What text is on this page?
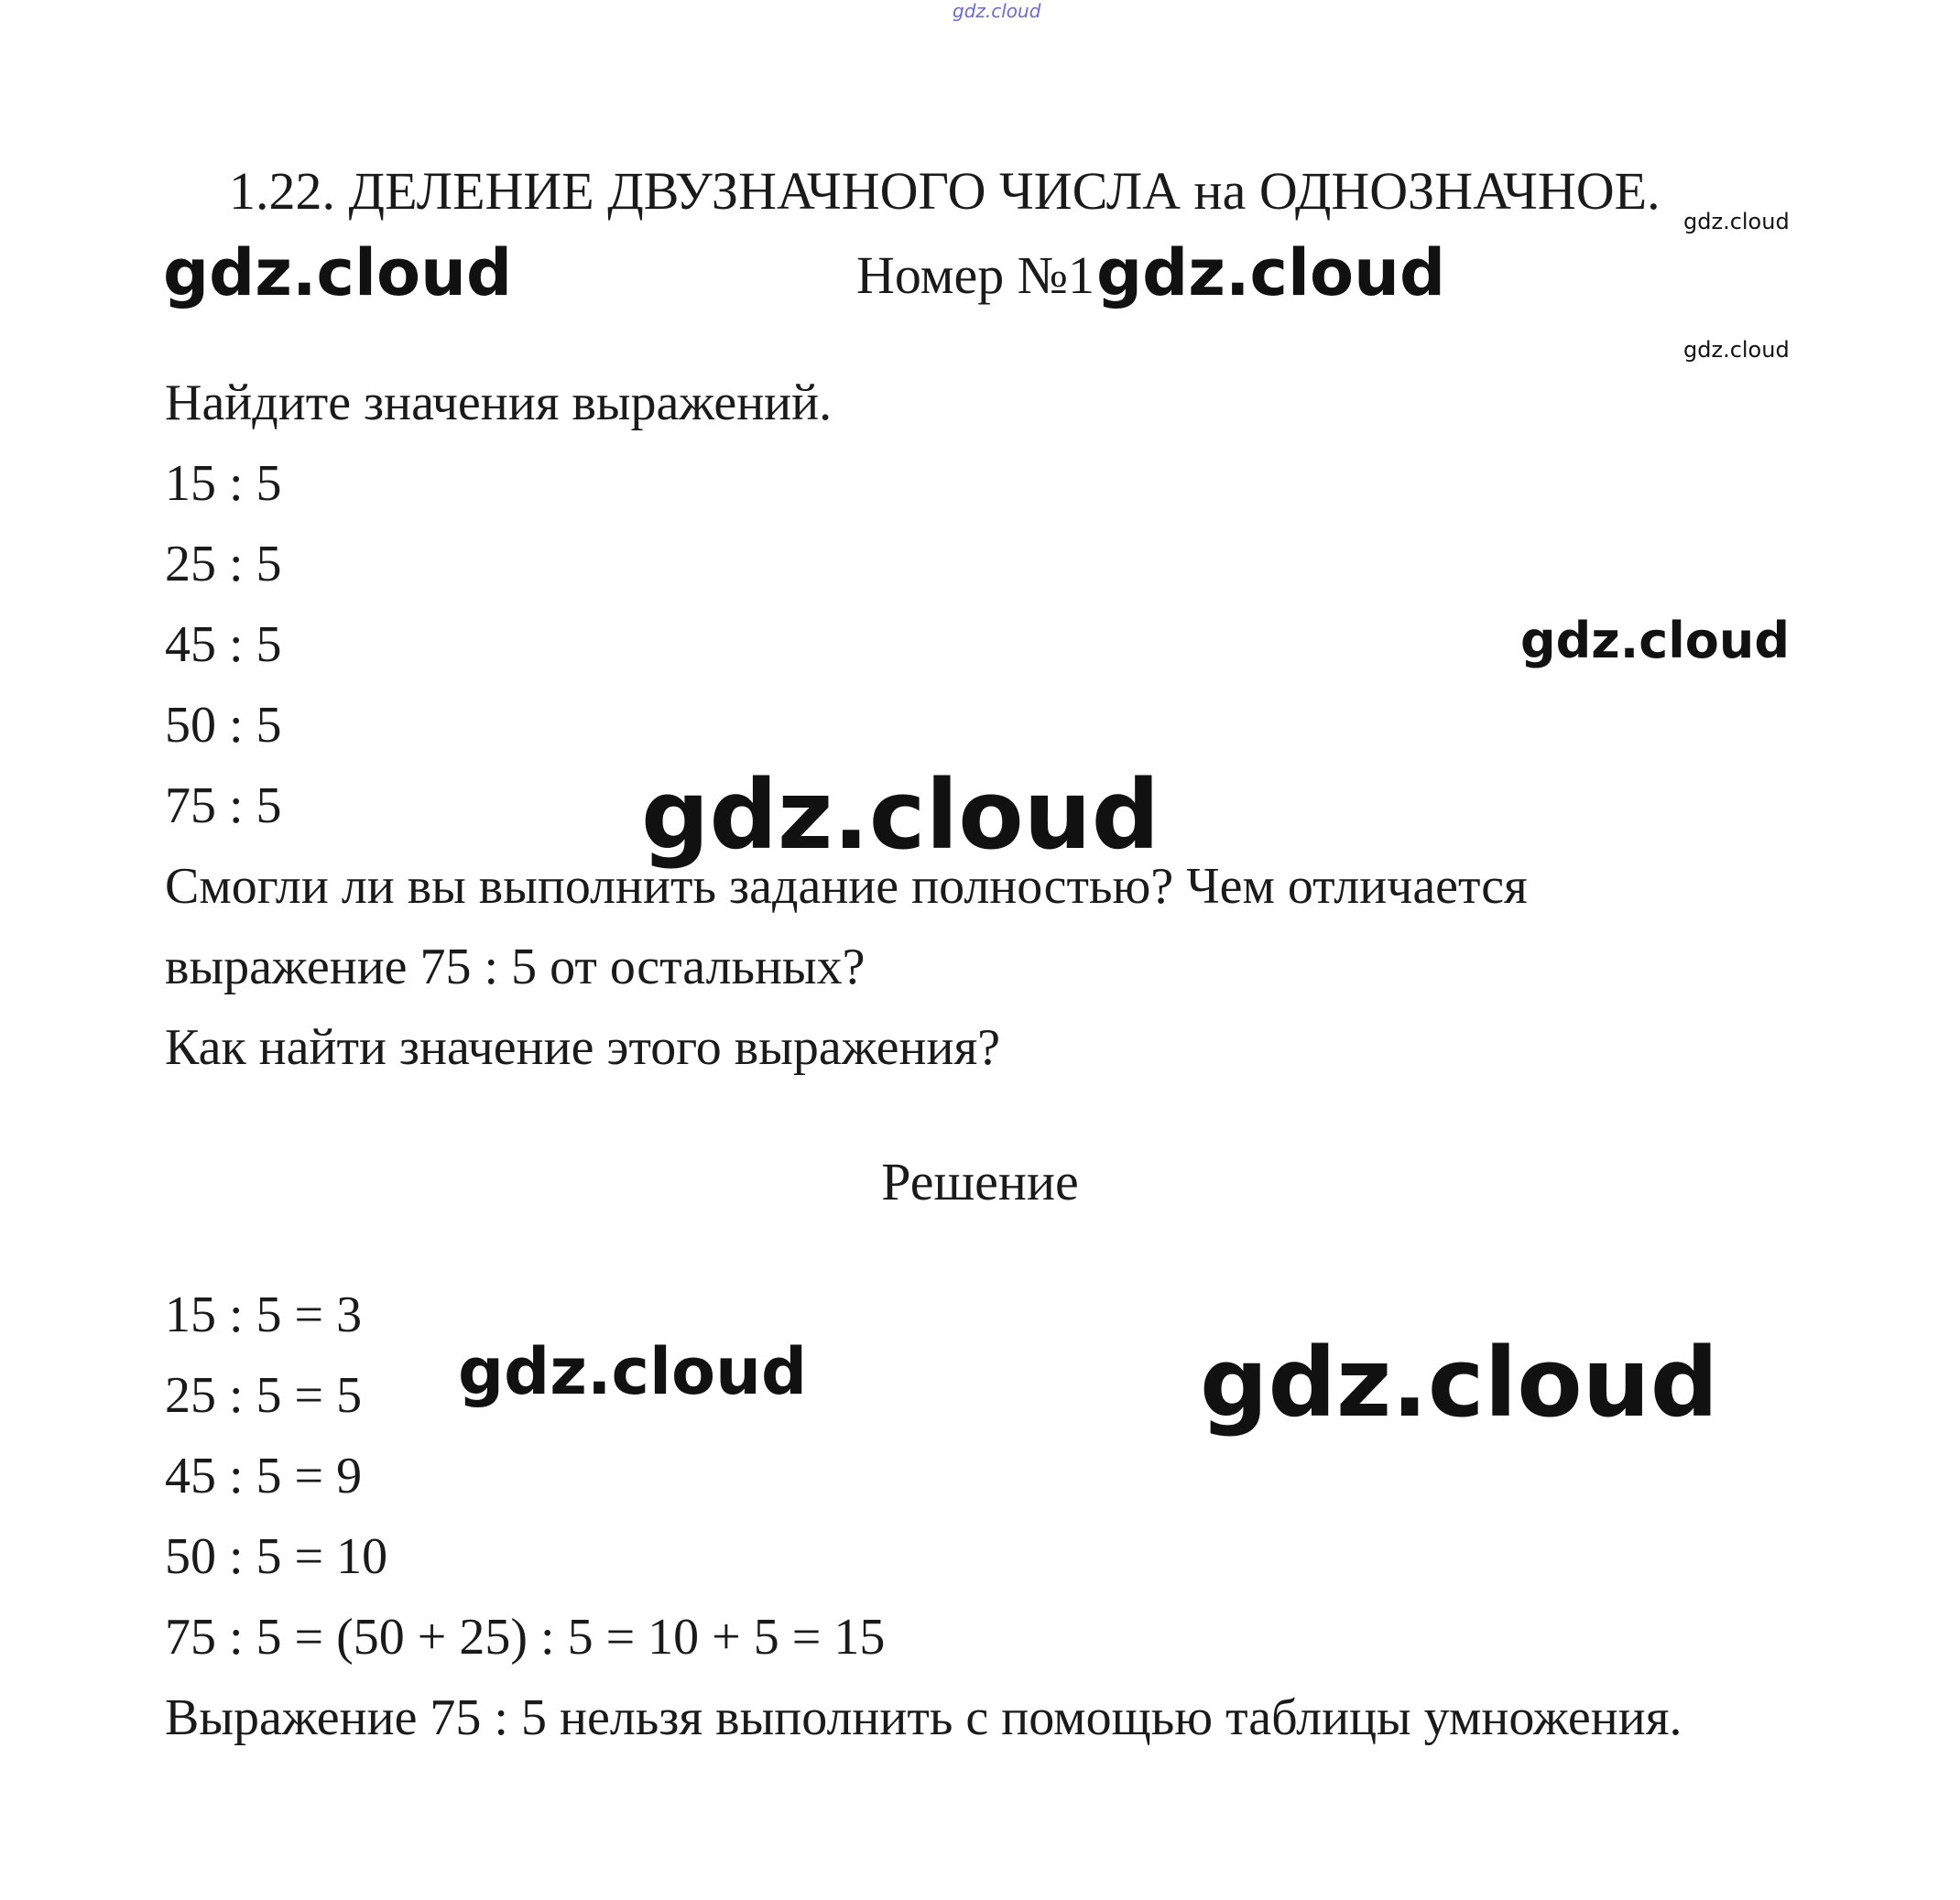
gdz.cloud
1.22. ДЕЛЕНИЕ ДВУЗНАЧНОГО ЧИСЛА на ОДНОЗНАЧНОЕ.
gdz.cloud
gdz.cloud	Номер №1 gdz.cloud
gdz.cloud
Найдите значения выражений.
15 : 5
25 : 5
45 : 5	gdz.cloud
50 : 5
75 : 5	gdz.cloud
Смогли ли вы выполнить задание полностью? Чем отличается
выражение 75 : 5 от остальных?
Как найти значение этого выражения?
Решение
15 : 5 = 3
gdz.cloud
25 : 5 = 5	gdz.cloud
45 : 5 = 9
50 : 5 = 10
75 : 5 = (50 + 25) : 5 = 10 + 5 = 15
Выражение 75 : 5 нельзя выполнить с помощью таблицы умножения.
